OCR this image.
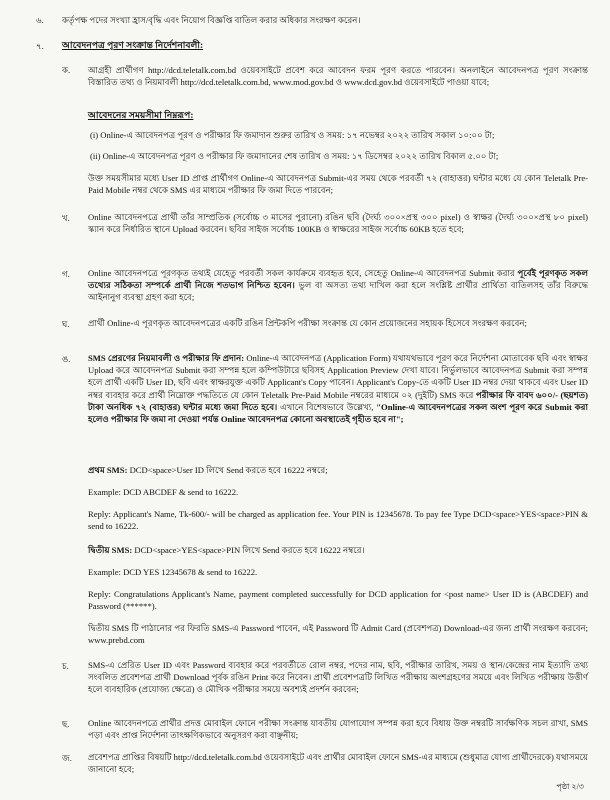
৬. কর্তৃপক্ষ পদের সংখ্যা হ্রাস/বৃদ্ধি এবং নিয়োগ বিজ্ঞপ্তি বাতিল করার অধিকার সংরক্ষণ করেন।
৭. আবেদনপত্র পূরণ সংক্রান্ত নির্দেশনাবলী:
ক. আগ্রহী প্রার্থীগণ http://dcd.teletalk.com.bd ওয়েবসাইটে প্রবেশ করে আবেদন ফরম পূরণ করতে পারবেন। অনলাইনে আবেদনপত্র পূরণ সংক্রান্ত বিস্তারিত তথ্য ও নিয়মাবলী http://dcd.teletalk.com.bd, www.mod.gov.bd ও www.dcd.gov.bd ওয়েবসাইটে পাওয়া যাবে;
আবেদনের সময়সীমা নিম্নরূপ:
(i) Online-এ আবেদনপত্র পূরণ ও পরীক্ষার ফি জমাদান শুরুর তারিখ ও সময়: ১৭ নভেম্বর ২০২২ তারিখ সকাল ১০:০০ টা;
(ii) Online-এ আবেদনপত্র পূরণ ও পরীক্ষার ফি জমাদানের শেষ তারিখ ও সময়: ১৭ ডিসেম্বর ২০২২ তারিখ বিকাল ৫.০০ টা;
উক্ত সময়সীমার মধ্যে User ID প্রাপ্ত প্রার্থীগণ Online-এ আবেদনপত্র Submit-এর সময় থেকে পরবর্তী ৭২ (বাহাত্তর) ঘন্টার মধ্যে যে কোন Teletalk Pre-Paid Mobile নম্বর থেকে SMS এর মাধ্যমে পরীক্ষার ফি জমা দিতে পারবেন;
খ. Online আবেদনপত্রে প্রার্থী তাঁর সাম্প্রতিক (সর্বোচ্চ ৩ মাসের পুরানো) রঙিন ছবি (দৈর্ঘ্য ৩০০×প্রস্থ ৩০০ pixel) ও স্বাক্ষর (দৈর্ঘ্য ৩০০×প্রস্থ ৮০ pixel) স্ক্যান করে নির্ধারিত স্থানে Upload করবেন। ছবির সাইজ সর্বোচ্চ 100KB ও স্বাক্ষরের সাইজ সর্বোচ্চ 60KB হতে হবে;
গ. Online আবেদনপত্রে পূরণকৃত তথ্যই যেহেতু পরবর্তী সকল কার্যক্রমে ব্যবহৃত হবে, সেহেতু Online-এ আবেদনপত্র Submit করার পূর্বেই পূরণকৃত সকল তথ্যের সঠিকতা সম্পর্কে প্রার্থী নিজে শতভাগ নিশ্চিত হবেন। ভুল বা অসত্য তথ্য দাখিল করা হলে সংশ্লিষ্ট প্রার্থীর প্রার্থিতা বাতিলসহ তাঁর বিরুদ্ধে আইনানুগ ব্যবস্থা গ্রহণ করা হবে;
ঘ. প্রার্থী Online-এ পূরণকৃত আবেদনপত্রের একটি রঙিন প্রিন্টকপি পরীক্ষা সংক্রান্ত যে কোন প্রয়োজনের সহায়ক হিসেবে সংরক্ষণ করবেন;
ঙ. SMS প্রেরণের নিয়মাবলী ও পরীক্ষার ফি প্রদান: Online-এ আবেদনপত্র (Application Form) যথাযথভাবে পূরণ করে নির্দেশনা মোতাবেক ছবি এবং স্বাক্ষর Upload করে আবেদনপত্র Submit করা সম্পন্ন হলে কম্পিউটারে ছবিসহ Application Preview দেখা যাবে। নির্ভুলভাবে আবেদনপত্র Submit করা সম্পন্ন হলে প্রার্থী একটি User ID, ছবি এবং স্বাক্ষরযুক্ত একটি Applicant's Copy পাবেন। Applicant's Copy-তে একটি User ID নম্বর দেয়া থাকবে এবং User ID নম্বর ব্যবহার করে প্রার্থী নিম্নোক্ত পদ্ধতিতে যে কোন Teletalk Pre-Paid Mobile নম্বরের মাধ্যমে ০২ (দুইটি) SMS করে পরীক্ষার ফি বাবদ ৬০০/- (ছয়শত) টাকা অনধিক ৭২ (বাহাত্তর) ঘন্টার মধ্যে জমা দিতে হবে। এখানে বিশেষভাবে উল্লেখ্য, "Online-এ আবেদনপত্রের সকল অংশ পূরণ করে Submit করা হলেও পরীক্ষার ফি জমা না দেওয়া পর্যন্ত Online আবেদনপত্র কোনো অবস্থাতেই গৃহীত হবে না";
প্রথম SMS: DCD<space>User ID লিখে Send করতে হবে 16222 নম্বরে;
Example: DCD ABCDEF & send to 16222.
Reply: Applicant's Name, Tk-600/- will be charged as application fee. Your PIN is 12345678. To pay fee Type DCD<space>YES<space>PIN & send to 16222.
দ্বিতীয় SMS: DCD<space>YES<space>PIN লিখে Send করতে হবে 16222 নম্বরে।
Example: DCD YES 12345678 & send to 16222.
Reply: Congratulations Applicant's Name, payment completed successfully for DCD application for <post name> User ID is (ABCDEF) and Password (******).
দ্বিতীয় SMS টি পাঠানোর পর ফিরতি SMS-এ Password পাবেন, এই Password টি Admit Card (প্রবেশপত্র) Download-এর জন্য প্রার্থী সংরক্ষণ করবেন; www.prebd.com
চ. SMS-এ প্রেরিত User ID এবং Password ব্যবহার করে পরবর্তীতে রোল নম্বর, পদের নাম, ছবি, পরীক্ষার তারিখ, সময় ও স্থান/কেন্দ্রের নাম ইত্যাদি তথ্য সংবলিত প্রবেশপত্র প্রার্থী Download পূর্বক রঙিন Print করে নিবেন। প্রার্থী প্রবেশপত্রটি লিখিত পরীক্ষায় অংশগ্রহণের সময়ে এবং লিখিত পরীক্ষায় উত্তীর্ণ হলে ব্যবহারিক (প্রযোজ্য ক্ষেত্রে) ও মৌখিক পরীক্ষার সময়ে অবশ্যই প্রদর্শন করবেন;
ছ. Online আবেদনপত্রে প্রার্থীর প্রদত্ত মোবাইল ফোনে পরীক্ষা সংক্রান্ত যাবতীয় যোগাযোগ সম্পন্ন করা হবে বিধায় উক্ত নম্বরটি সার্বক্ষণিক সচল রাখা, SMS পড়া এবং প্রাপ্ত নির্দেশনা তাৎক্ষণিকভাবে অনুসরণ করা বাঞ্ছনীয়;
জ. প্রবেশপত্র প্রাপ্তির বিষয়টি http://dcd.teletalk.com.bd ওয়েবসাইটে এবং প্রার্থীর মোবাইল ফোনে SMS-এর মাধ্যমে (শুধুমাত্র যোগ্য প্রার্থীদেরকে) যথাসময়ে জানানো হবে;
পৃষ্ঠা ২/৩
